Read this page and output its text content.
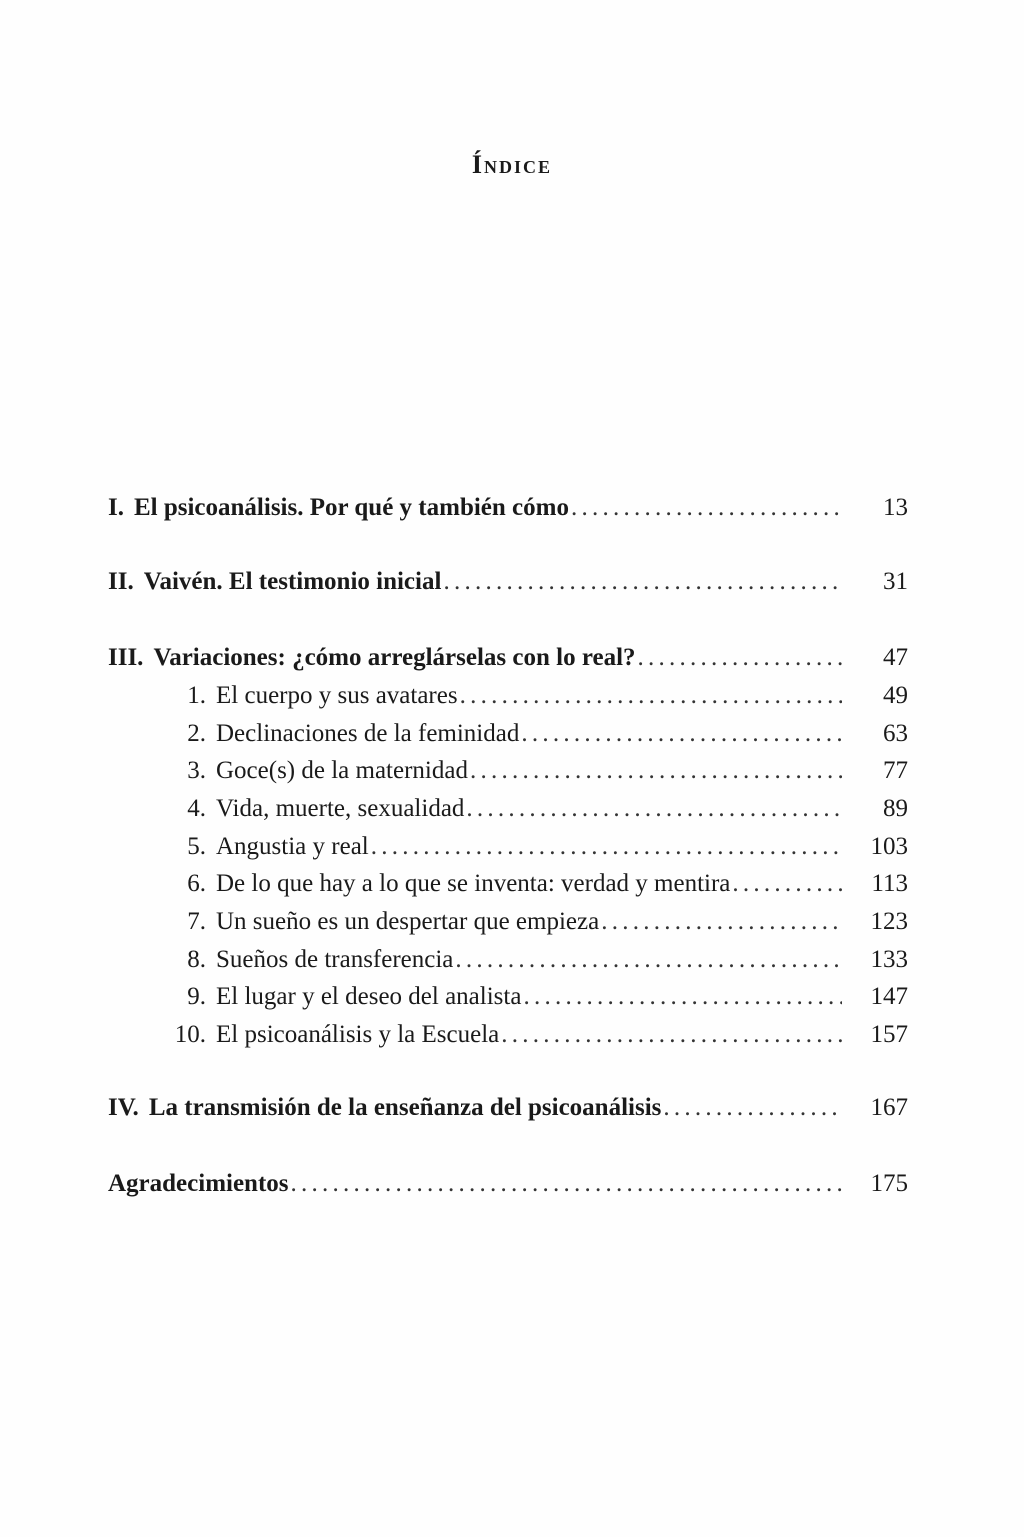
Índice
I. El psicoanálisis. Por qué y también cómo . . .	13
II. Vaivén. El testimonio inicial . . .	31
III. Variaciones: ¿cómo arreglárselas con lo real? . . .	47
1. El cuerpo y sus avatares . . .	49
2. Declinaciones de la feminidad . . .	63
3. Goce(s) de la maternidad . . .	77
4. Vida, muerte, sexualidad . . .	89
5. Angustia y real . . .	103
6. De lo que hay a lo que se inventa: verdad y mentira . . .	113
7. Un sueño es un despertar que empieza . . .	123
8. Sueños de transferencia . . .	133
9. El lugar y el deseo del analista . . .	147
10. El psicoanálisis y la Escuela . . .	157
IV. La transmisión de la enseñanza del psicoanálisis . . .	167
Agradecimientos . . .	175
